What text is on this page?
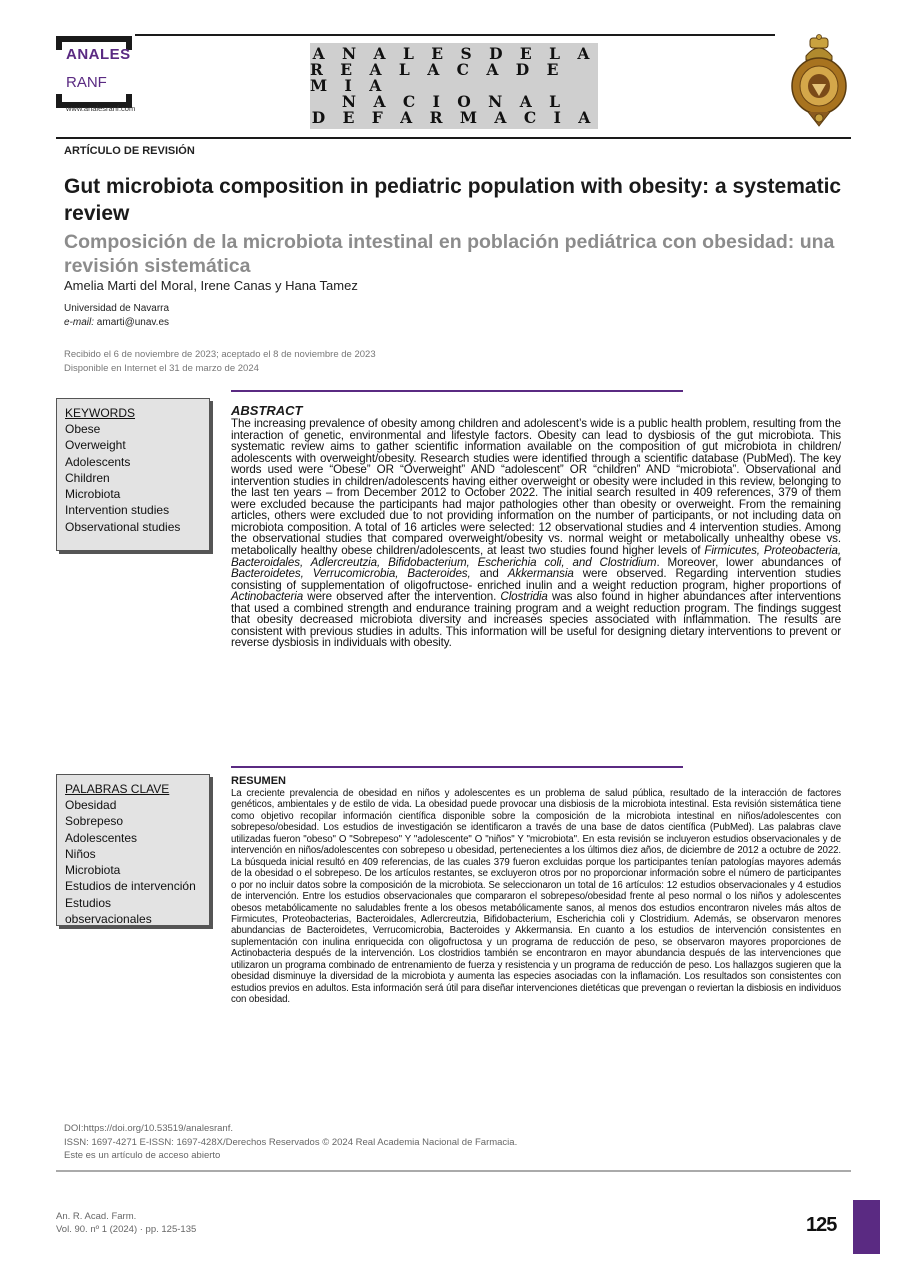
ANALES
RANF
www.analesranf.com
A N A L E S D E L A
R E A L A C A D E M I A
N A C I O N A L
D E F A R M A C I A
ARTÍCULO DE REVISIÓN
Gut microbiota composition in pediatric population with obesity: a systematic review
Composición de la microbiota intestinal en población pediátrica con obesidad: una revisión sistemática
Amelia Marti del Moral, Irene Canas y Hana Tamez
Universidad de Navarra
e-mail: amarti@unav.es
Recibido el 6 de noviembre de 2023; aceptado el 8 de noviembre de 2023
Disponible en Internet el 31 de marzo de 2024
KEYWORDS
Obese
Overweight
Adolescents
Children
Microbiota
Intervention studies
Observational studies
ABSTRACT
The increasing prevalence of obesity among children and adolescent’s wide is a public health problem, resulting from the interaction of genetic, environmental and lifestyle factors. Obesity can lead to dysbiosis of the gut microbiota. This systematic review aims to gather scientific information available on the composition of gut microbiota in children/ adolescents with overweight/obesity. Research studies were identified through a scientific database (PubMed). The key words used were “Obese” OR “Overweight” AND “adolescent” OR “children” AND “microbiota”. Observational and intervention studies in children/adolescents having either overweight or obesity were included in this review, belonging to the last ten years – from December 2012 to October 2022. The initial search resulted in 409 references, 379 of them were excluded because the participants had major pathologies other than obesity or overweight. From the remaining articles, others were excluded due to not providing information on the number of participants, or not including data on microbiota composition. A total of 16 articles were selected: 12 observational studies and 4 intervention studies. Among the observational studies that compared overweight/obesity vs. normal weight or metabolically unhealthy obese vs. metabolically healthy obese children/adolescents, at least two studies found higher levels of Firmicutes, Proteobacteria, Bacteroidales, Adlercreutzia, Bifidobacterium, Escherichia coli, and Clostridium. Moreover, lower abundances of Bacteroidetes, Verrucomicrobia, Bacteroides, and Akkermansia were observed. Regarding intervention studies consisting of supplementation of oligofructose- enriched inulin and a weight reduction program, higher proportions of Actinobacteria were observed after the intervention. Clostridia was also found in higher abundances after interventions that used a combined strength and endurance training program and a weight reduction program. The findings suggest that obesity decreased microbiota diversity and increases species associated with inflammation. The results are consistent with previous studies in adults. This information will be useful for designing dietary interventions to prevent or reverse dysbiosis in individuals with obesity.
PALABRAS CLAVE
Obesidad
Sobrepeso
Adolescentes
Niños
Microbiota
Estudios de intervención
Estudios observacionales
RESUMEN
La creciente prevalencia de obesidad en niños y adolescentes es un problema de salud pública, resultado de la interacción de factores genéticos, ambientales y de estilo de vida. La obesidad puede provocar una disbiosis de la microbiota intestinal. Esta revisión sistemática tiene como objetivo recopilar información científica disponible sobre la composición de la microbiota intestinal en niños/adolescentes con sobrepeso/obesidad. Los estudios de investigación se identificaron a través de una base de datos científica (PubMed). Las palabras clave utilizadas fueron "obeso" O "Sobrepeso" Y "adolescente" O "niños" Y "microbiota". En esta revisión se incluyeron estudios observacionales y de intervención en niños/adolescentes con sobrepeso u obesidad, pertenecientes a los últimos diez años, de diciembre de 2012 a octubre de 2022. La búsqueda inicial resultó en 409 referencias, de las cuales 379 fueron excluidas porque los participantes tenían patologías mayores además de la obesidad o el sobrepeso. De los artículos restantes, se excluyeron otros por no proporcionar información sobre el número de participantes o por no incluir datos sobre la composición de la microbiota. Se seleccionaron un total de 16 artículos: 12 estudios observacionales y 4 estudios de intervención. Entre los estudios observacionales que compararon el sobrepeso/obesidad frente al peso normal o los niños y adolescentes obesos metabólicamente no saludables frente a los obesos metabólicamente sanos, al menos dos estudios encontraron niveles más altos de Firmicutes, Proteobacterias, Bacteroidales, Adlercreutzia, Bifidobacterium, Escherichia coli y Clostridium. Además, se observaron menores abundancias de Bacteroidetes, Verrucomicrobia, Bacteroides y Akkermansia. En cuanto a los estudios de intervención consistentes en suplementación con inulina enriquecida con oligofructosa y un programa de reducción de peso, se observaron mayores proporciones de Actinobacteria después de la intervención. Los clostridios también se encontraron en mayor abundancia después de las intervenciones que utilizaron un programa combinado de entrenamiento de fuerza y resistencia y un programa de reducción de peso. Los hallazgos sugieren que la obesidad disminuye la diversidad de la microbiota y aumenta las especies asociadas con la inflamación. Los resultados son consistentes con estudios previos en adultos. Esta información será útil para diseñar intervenciones dietéticas que prevengan o reviertan la disbiosis en individuos con obesidad.
DOI:https://doi.org/10.53519/analesranf.
ISSN: 1697-4271 E-ISSN: 1697-428X/Derechos Reservados © 2024 Real Academia Nacional de Farmacia.
Este es un artículo de acceso abierto
An. R. Acad. Farm.
Vol. 90. nº 1 (2024) · pp. 125-135	125
